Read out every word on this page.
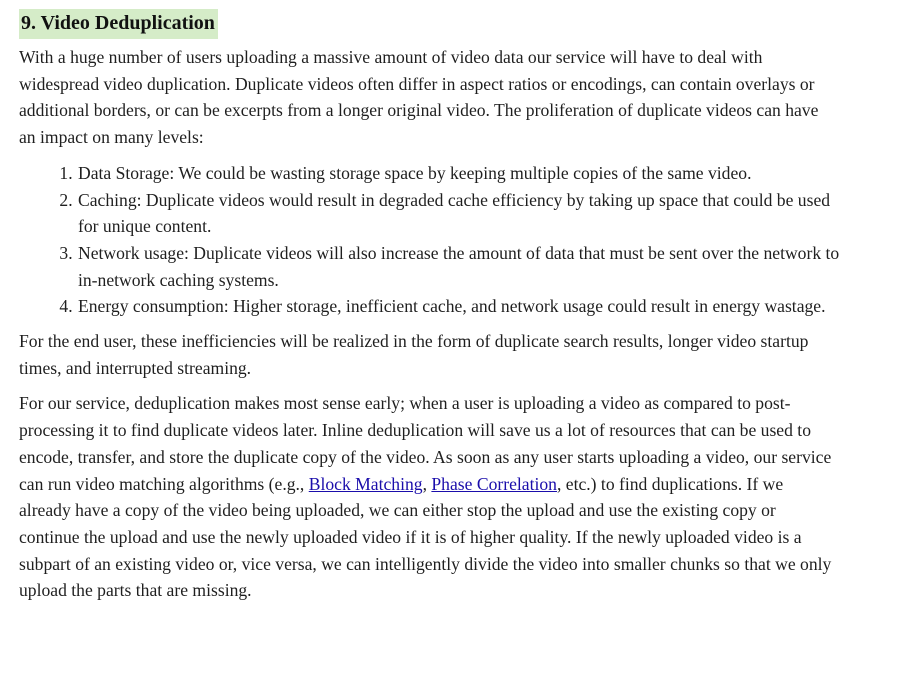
9. Video Deduplication

With a huge number of users uploading a massive amount of video data our service will have to deal with widespread video duplication. Duplicate videos often differ in aspect ratios or encodings, can contain overlays or additional borders, or can be excerpts from a longer original video. The proliferation of duplicate videos can have an impact on many levels:

1. Data Storage: We could be wasting storage space by keeping multiple copies of the same video.
2. Caching: Duplicate videos would result in degraded cache efficiency by taking up space that could be used for unique content.
3. Network usage: Duplicate videos will also increase the amount of data that must be sent over the network to in-network caching systems.
4. Energy consumption: Higher storage, inefficient cache, and network usage could result in energy wastage.

For the end user, these inefficiencies will be realized in the form of duplicate search results, longer video startup times, and interrupted streaming.

For our service, deduplication makes most sense early; when a user is uploading a video as compared to post-processing it to find duplicate videos later. Inline deduplication will save us a lot of resources that can be used to encode, transfer, and store the duplicate copy of the video. As soon as any user starts uploading a video, our service can run video matching algorithms (e.g., Block Matching, Phase Correlation, etc.) to find duplications. If we already have a copy of the video being uploaded, we can either stop the upload and use the existing copy or continue the upload and use the newly uploaded video if it is of higher quality. If the newly uploaded video is a subpart of an existing video or, vice versa, we can intelligently divide the video into smaller chunks so that we only upload the parts that are missing.
